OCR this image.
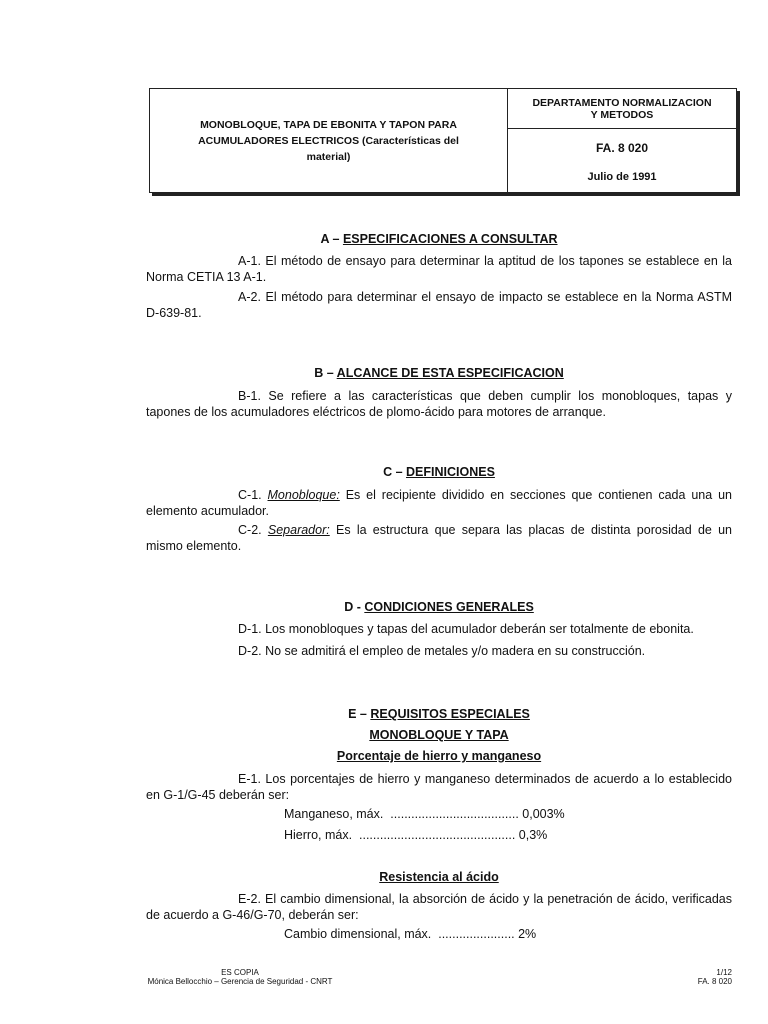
MONOBLOQUE, TAPA DE EBONITA Y TAPON PARA ACUMULADORES ELECTRICOS (Características del material)
DEPARTAMENTO NORMALIZACION
Y METODOS
FA. 8 020
Julio de 1991
A – ESPECIFICACIONES A CONSULTAR
A-1. El método de ensayo para determinar la aptitud de los tapones se establece en la Norma CETIA 13 A-1.
A-2. El método para determinar el ensayo de impacto se establece en la Norma ASTM D-639-81.
B – ALCANCE DE ESTA ESPECIFICACION
B-1. Se refiere a las características que deben cumplir los monobloques, tapas y tapones de los acumuladores eléctricos de plomo-ácido para motores de arranque.
C – DEFINICIONES
C-1. Monobloque: Es el recipiente dividido en secciones que contienen cada una un elemento acumulador.
C-2. Separador: Es la estructura que separa las placas de distinta porosidad de un mismo elemento.
D - CONDICIONES GENERALES
D-1. Los monobloques y tapas del acumulador deberán ser totalmente de ebonita.
D-2. No se admitirá el empleo de metales y/o madera en su construcción.
E – REQUISITOS ESPECIALES
MONOBLOQUE Y TAPA
Porcentaje de hierro y manganeso
E-1. Los porcentajes de hierro y manganeso determinados de acuerdo a lo establecido en G-1/G-45 deberán ser:
Manganeso, máx.  ..................................... 0,003%
Hierro, máx.  ............................................. 0,3%
Resistencia al ácido
E-2. El cambio dimensional, la absorción de ácido y la penetración de ácido, verificadas de acuerdo a G-46/G-70, deberán ser:
Cambio dimensional, máx.  ...................... 2%
ES COPIA
Mónica Bellocchio – Gerencia de Seguridad - CNRT
1/12
FA. 8 020
